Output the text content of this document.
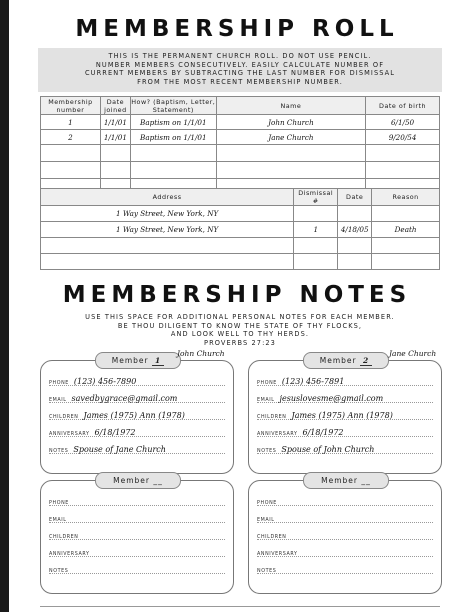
MEMBERSHIP ROLL
THIS IS THE PERMANENT CHURCH ROLL. DO NOT USE PENCIL.
NUMBER MEMBERS CONSECUTIVELY. EASILY CALCULATE NUMBER OF
CURRENT MEMBERS BY SUBTRACTING THE LAST NUMBER FOR DISMISSAL
FROM THE MOST RECENT MEMBERSHIP NUMBER.
Membership number	Date joined	How? (Baptism, Letter, Statement)	Name	Date of birth
1	1/1/01	Baptism on 1/1/01	John Church	6/1/50
2	1/1/01	Baptism on 1/1/01	Jane Church	9/20/54

Address	Dismissal #	Date	Reason
1 Way Street, New York, NY			
1 Way Street, New York, NY	1	4/18/05	Death

MEMBERSHIP NOTES
USE THIS SPACE FOR ADDITIONAL PERSONAL NOTES FOR EACH MEMBER.
BE THOU DILIGENT TO KNOW THE STATE OF THY FLOCKS,
AND LOOK WELL TO THY HERDS.
PROVERBS 27:23
Member 1
John Church
PHONE (123) 456-7890
EMAIL savedbygrace@gmail.com
CHILDREN James (1975) Ann (1978)
ANNIVERSARY 6/18/1972
NOTES Spouse of Jane Church
Member 2
Jane Church
PHONE (123) 456-7891
EMAIL jesuslovesme@gmail.com
CHILDREN James (1975) Ann (1978)
ANNIVERSARY 6/18/1972
NOTES Spouse of John Church
Member __
PHONE
EMAIL
CHILDREN
ANNIVERSARY
NOTES
Member __
PHONE
EMAIL
CHILDREN
ANNIVERSARY
NOTES
